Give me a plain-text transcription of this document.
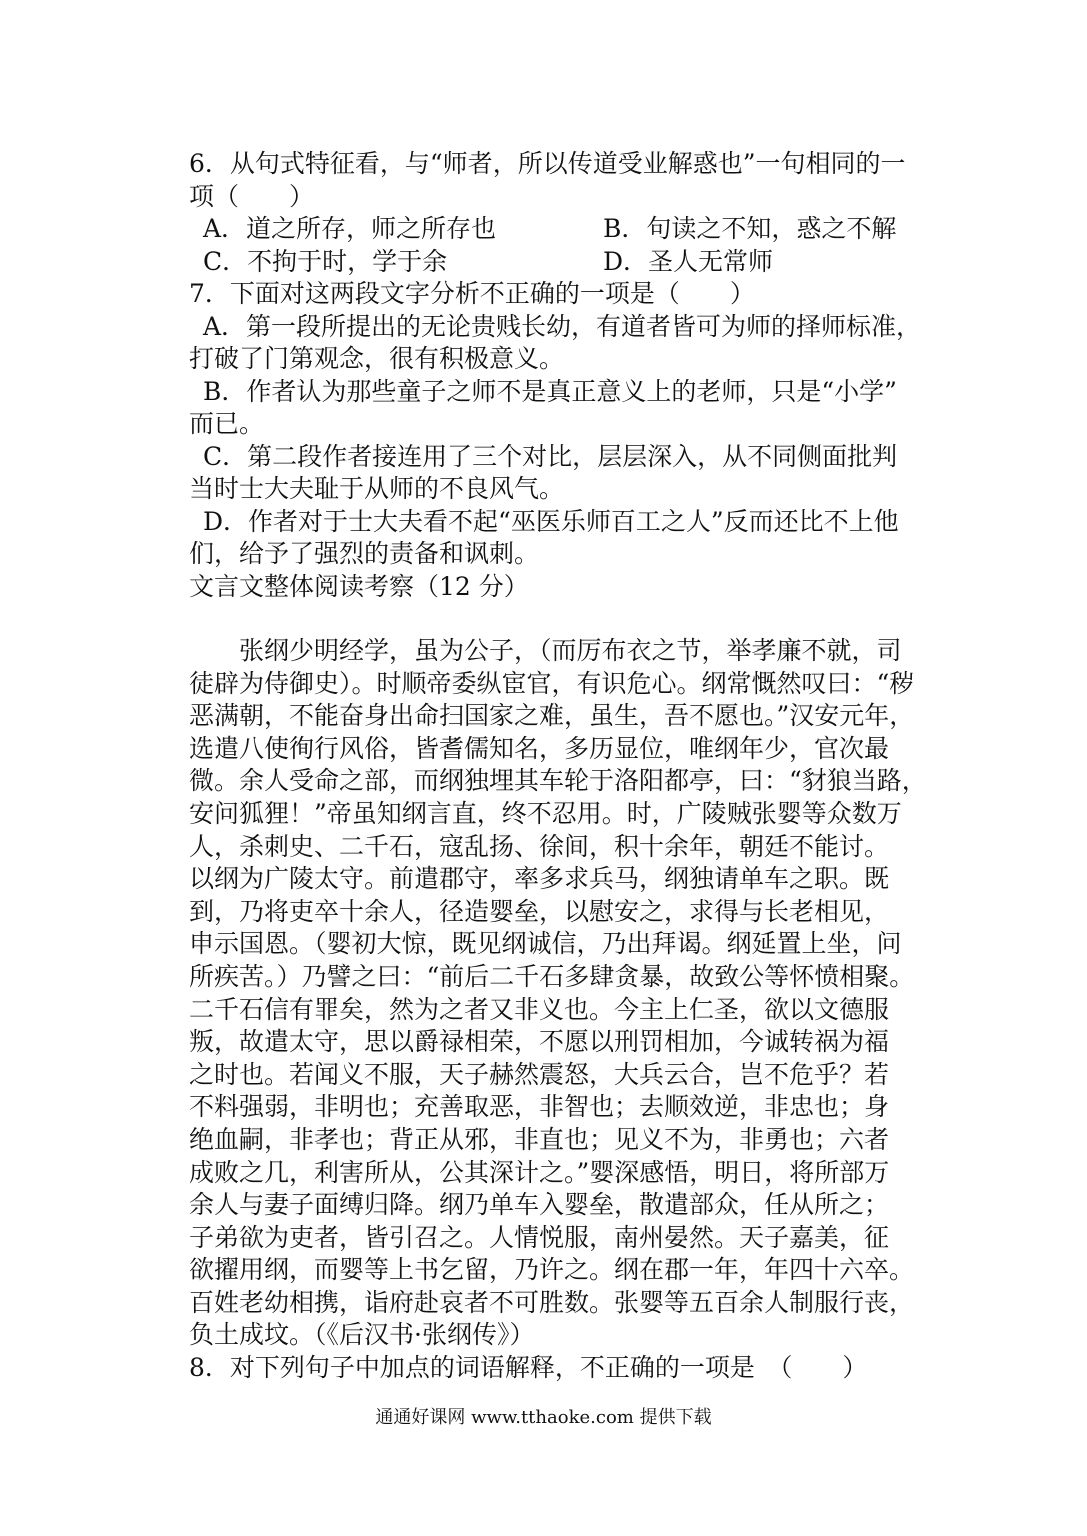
6．从句式特征看，与“师者，所以传道受业解惑也”一句相同的一
项（　　）
A．道之所存，师之所存也	B．句读之不知，惑之不解
C．不拘于时，学于余	D．圣人无常师
7．下面对这两段文字分析不正确的一项是（　　）
A．第一段所提出的无论贵贱长幼，有道者皆可为师的择师标准，
打破了门第观念，很有积极意义。
B．作者认为那些童子之师不是真正意义上的老师，只是“小学”
而已。
C．第二段作者接连用了三个对比，层层深入，从不同侧面批判
当时士大夫耻于从师的不良风气。
D．作者对于士大夫看不起“巫医乐师百工之人”反而还比不上他
们，给予了强烈的责备和讽刺。
文言文整体阅读考察（12 分）
张纲少明经学，虽为公子，（而厉布衣之节，举孝廉不就，司
徒辟为侍御史）。时顺帝委纵宦官，有识危心。纲常慨然叹曰：“秽
恶满朝，不能奋身出命扫国家之难，虽生，吾不愿也。”汉安元年，
选遣八使徇行风俗，皆耆儒知名，多历显位，唯纲年少，官次最
微。余人受命之部，而纲独埋其车轮于洛阳都亭，曰：“豺狼当路，
安问狐狸！”帝虽知纲言直，终不忍用。时，广陵贼张婴等众数万
人，杀刺史、二千石，寇乱扬、徐间，积十余年，朝廷不能讨。
以纲为广陵太守。前遣郡守，率多求兵马，纲独请单车之职。既
到，乃将吏卒十余人，径造婴垒，以慰安之，求得与长老相见，
申示国恩。（婴初大惊，既见纲诚信，乃出拜谒。纲延置上坐，问
所疾苦。）乃譬之曰：“前后二千石多肆贪暴，故致公等怀愤相聚。
二千石信有罪矣，然为之者又非义也。今主上仁圣，欲以文德服
叛，故遣太守，思以爵禄相荣，不愿以刑罚相加，今诚转祸为福
之时也。若闻义不服，天子赫然震怒，大兵云合，岂不危乎？若
不料强弱，非明也；充善取恶，非智也；去顺效逆，非忠也；身
绝血嗣，非孝也；背正从邪，非直也；见义不为，非勇也；六者
成败之几，利害所从，公其深计之。”婴深感悟，明日，将所部万
余人与妻子面缚归降。纲乃单车入婴垒，散遣部众，任从所之；
子弟欲为吏者，皆引召之。人情悦服，南州晏然。天子嘉美，征
欲擢用纲，而婴等上书乞留，乃许之。纲在郡一年，年四十六卒。
百姓老幼相携，诣府赴哀者不可胜数。张婴等五百余人制服行丧，
负土成坟。（《后汉书·张纲传》）
8．对下列句子中加点的词语解释，不正确的一项是　（　　）
通通好课网 www.tthaoke.com 提供下载
